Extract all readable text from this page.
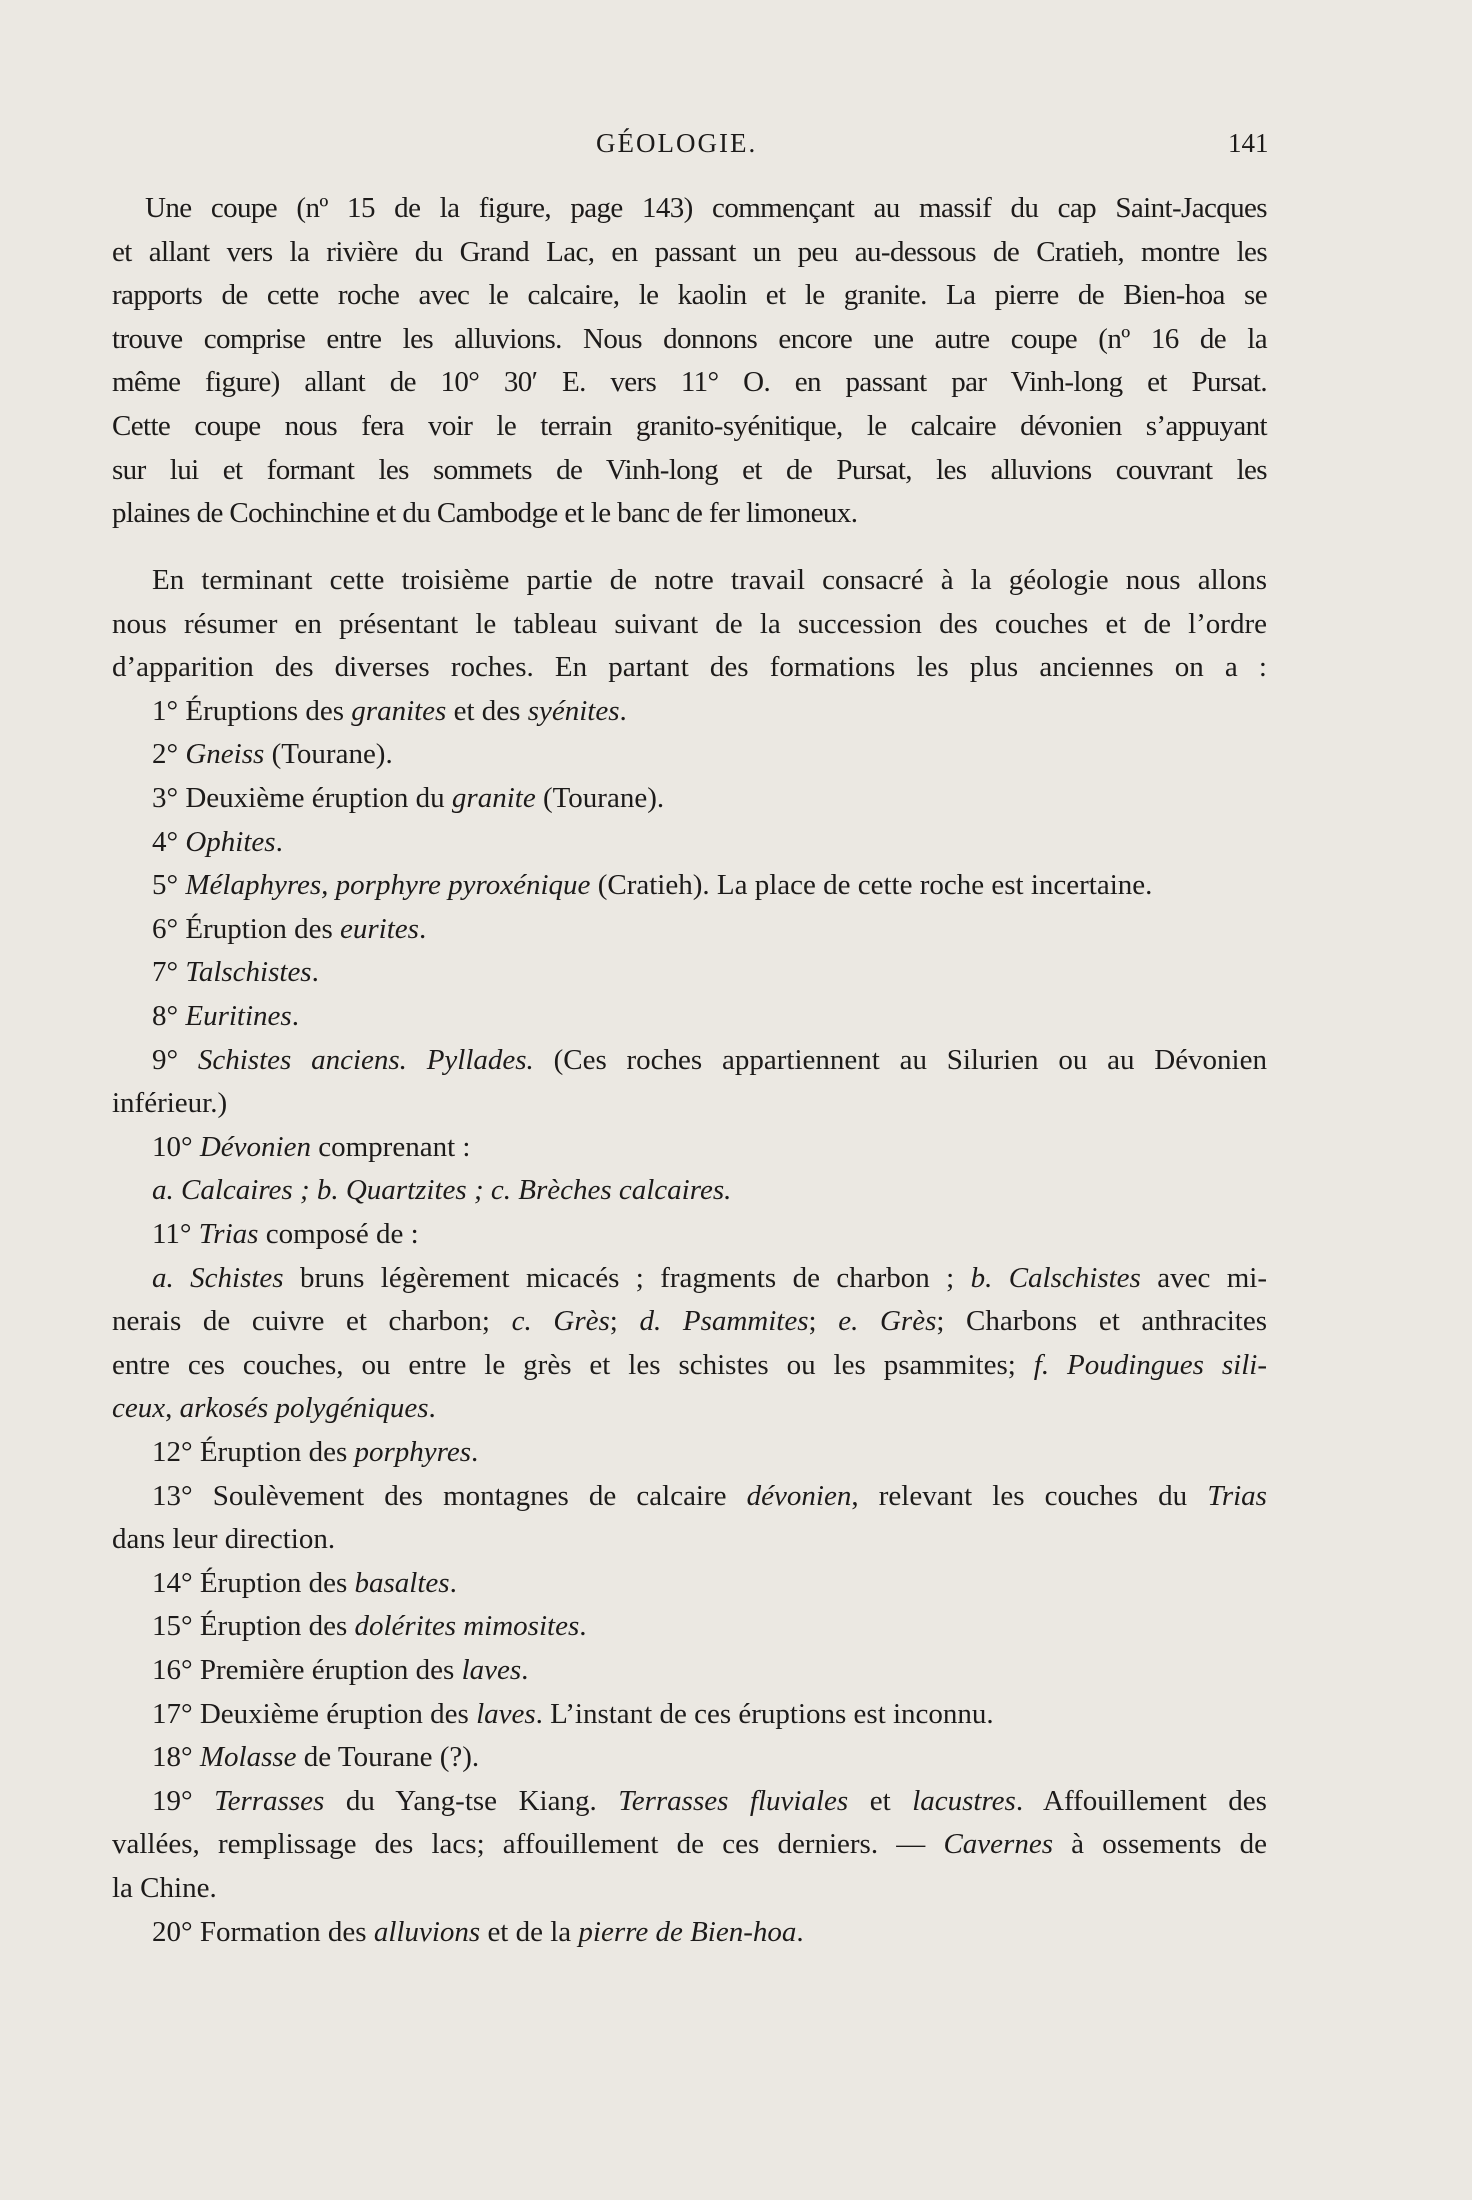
GÉOLOGIE.	141
Une coupe (nº 15 de la figure, page 143) commençant au massif du cap Saint-Jacques
et allant vers la rivière du Grand Lac, en passant un peu au-dessous de Cratieh, montre les
rapports de cette roche avec le calcaire, le kaolin et le granite. La pierre de Bien-hoa se
trouve comprise entre les alluvions. Nous donnons encore une autre coupe (nº 16 de la
même figure) allant de 10° 30′ E. vers 11° O. en passant par Vinh-long et Pursat.
Cette coupe nous fera voir le terrain granito-syénitique, le calcaire dévonien s’appuyant
sur lui et formant les sommets de Vinh-long et de Pursat, les alluvions couvrant les
plaines de Cochinchine et du Cambodge et le banc de fer limoneux.
En terminant cette troisième partie de notre travail consacré à la géologie nous allons
nous résumer en présentant le tableau suivant de la succession des couches et de l’ordre
d’apparition des diverses roches. En partant des formations les plus anciennes on a :
1° Éruptions des granites et des syénites.
2° Gneiss (Tourane).
3° Deuxième éruption du granite (Tourane).
4° Ophites.
5° Mélaphyres, porphyre pyroxénique (Cratieh). La place de cette roche est incertaine.
6° Éruption des eurites.
7° Talschistes.
8° Euritines.
9° Schistes anciens. Pyllades. (Ces roches appartiennent au Silurien ou au Dévonien
inférieur.)
10° Dévonien comprenant :
a. Calcaires ; b. Quartzites ; c. Brèches calcaires.
11° Trias composé de :
a. Schistes bruns légèrement micacés ; fragments de charbon ; b. Calschistes avec mi-
nerais de cuivre et charbon; c. Grès; d. Psammites; e. Grès; Charbons et anthracites
entre ces couches, ou entre le grès et les schistes ou les psammites; f. Poudingues sili-
ceux, arkosés polygéniques.
12° Éruption des porphyres.
13° Soulèvement des montagnes de calcaire dévonien, relevant les couches du Trias
dans leur direction.
14° Éruption des basaltes.
15° Éruption des dolérites mimosites.
16° Première éruption des laves.
17° Deuxième éruption des laves. L’instant de ces éruptions est inconnu.
18° Molasse de Tourane (?).
19° Terrasses du Yang-tse Kiang. Terrasses fluviales et lacustres. Affouillement des
vallées, remplissage des lacs; affouillement de ces derniers. — Cavernes à ossements de
la Chine.
20° Formation des alluvions et de la pierre de Bien-hoa.
